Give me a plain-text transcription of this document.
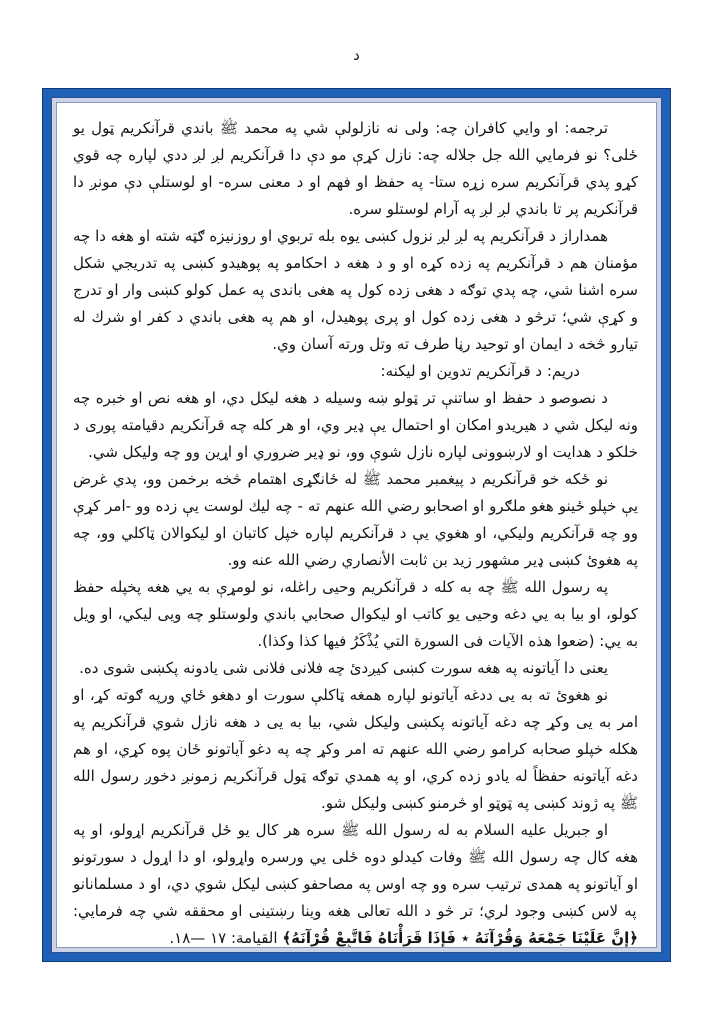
د

ترجمه: او وايي كافران چه: ولى نه نازلولې شي په محمد ﷺ باندي قرآنكريم ټول يو ځلى؟ نو فرمايي الله جل جلاله چه: نازل كړې مو دې دا قرآنكريم لږ لږ ددي لپاره چه قوي كړو پدي قرآنكريم سره زړه ستا- په حفظ او فهم او د معنى سره- او لوستلې دې مونږ دا قرآنكريم پر تا باندي لږ لږ په آرام لوستلو سره.

همداراز د قرآنكريم په لږ لږ نزول كښى يوه بله تربوي او روزنيزه ګټه شته او هغه دا چه مؤمنان هم د قرآنكريم په زده كړه او و د هغه د احكامو په پوهيدو كښى په تدريجي شكل سره اشنا شي، چه پدي توګه د هغى زده كول په هغى باندى په عمل كولو كښى وار او تدرج و كړې شي؛ ترڅو د هغى زده كول او پرى پوهيدل، او هم په هغى باندي د كفر او شرك له تيارو څخه د ايمان او توحيد رڼا طرف ته وتل ورته آسان وي.

دريم: د قرآنكريم تدوين او ليكنه:

د نصوصو د حفظ او ساتنې تر ټولو ښه وسيله د هغه ليكل دي، او هغه نص او خبره چه ونه ليكل شي د هيريدو امكان او احتمال يې ډير وي، او هر كله چه قرآنكريم دقيامته پورى د خلكو د هدايت او لارښوونى لپاره نازل شوې وو، نو ډير ضروري او اړين وو چه وليكل شي.

نو ځكه خو قرآنكريم د پيغمبر محمد ﷺ له ځانګړى اهتمام څخه برخمن وو، پدي غرض يې خپلو ځينو هغو ملګرو او اصحابو رضي الله عنهم ته - چه ليك لوست يې زده وو -امر كړې وو چه قرآنكريم وليكي، او هغوي يې د قرآنكريم لپاره خپل كاتبان او ليكوالان ټاكلي وو، چه په هغوئ كښى ډير مشهور زيد بن ثابت الأنصاري رضي الله عنه وو.

په رسول الله ﷺ چه به كله د قرآنكريم وحيى راغله، نو لومړې به يي هغه پخپله حفظ كولو، او بيا به يي دغه وحيى يو كاتب او ليكوال صحابي باندي ولوستلو چه ويى ليكي، او ويل به يي: (ضعوا هذه الآيات فى السورة التي يُذْكَرُ فيها كذا وكذا).

يعنى دا آياتونه په هغه سورت كښى كيږدئ چه فلانى فلانى شى يادونه پكښى شوى ده.

نو هغوئ ته به يى ددغه آياتونو لپاره همغه ټاكلې سورت او دهغو ځاي ورپه ګوته كړ، او امر به يى وكړ چه دغه آياتونه پكښى وليكل شي، بيا به يى د هغه نازل شوي قرآنكريم په هكله خپلو صحابه كرامو رضي الله عنهم ته امر وكړ چه په دغو آياتونو ځان پوه كړي، او هم دغه آياتونه حفظاً له يادو زده كري، او په همدي توګه ټول قرآنكريم زمونږ دخوږ رسول الله ﷺ په ژوند كښى په ټوټو او څرمنو كښى وليكل شو.

او جبريل عليه السلام به له رسول الله ﷺ سره هر كال يو ځل قرآنكريم اړولو، او په هغه كال چه رسول الله ﷺ وفات كيدلو دوه ځلى يي ورسره واړولو، او دا اړول د سورتونو او آياتونو په همدى ترتيب سره وو چه اوس په مصاحفو كښى ليكل شوي دي، او د مسلمانانو په لاس كښى وجود لري؛ تر څو د الله تعالى هغه وينا رښتينى او محققه شي چه فرمايي: ﴿إِنَّ عَلَيْنَا جَمْعَهُ وَقُرْآنَهُ ٭ فَإِذَا قَرَأْنَاهُ فَاتَّبِعْ قُرْآنَهُ﴾ القيامة: ١٧ —١٨.
